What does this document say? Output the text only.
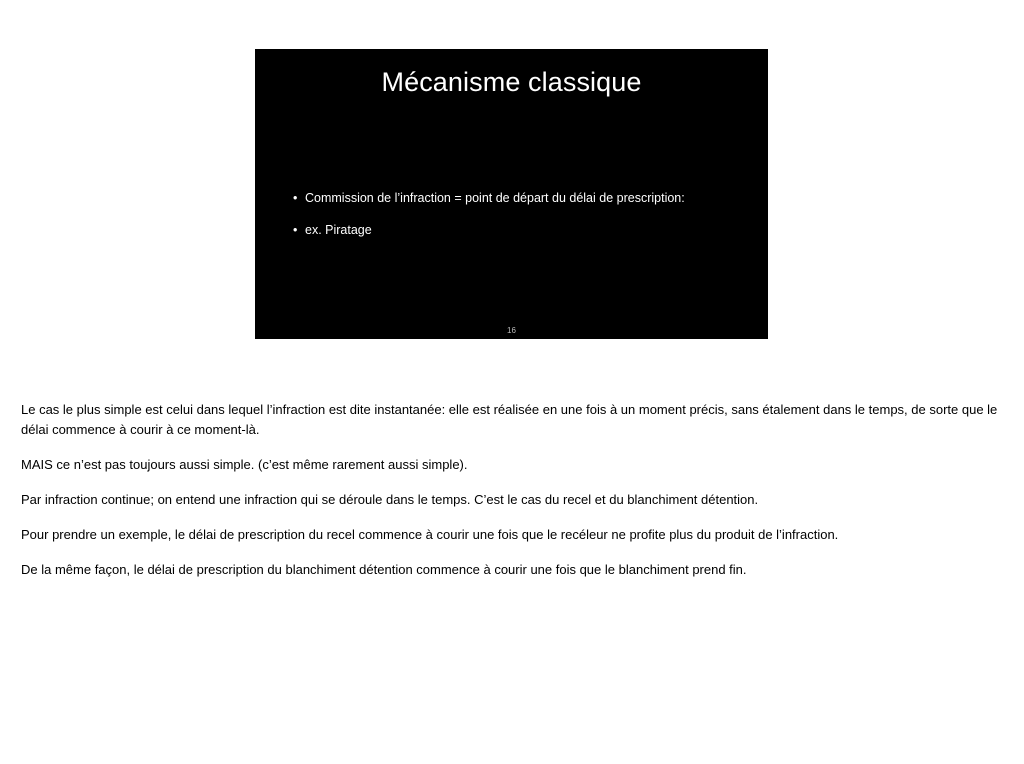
Mécanisme classique
• Commission de l’infraction = point de départ du délai de prescription:
• ex. Piratage
16

Le cas le plus simple est celui dans lequel l’infraction est dite instantanée: elle est réalisée en une fois à un moment précis, sans étalement dans le temps, de sorte que le délai commence à courir à ce moment-là.

MAIS ce n’est pas toujours aussi simple. (c’est même rarement aussi simple).

Par infraction continue; on entend une infraction qui se déroule dans le temps. C’est le cas du recel et du blanchiment détention.

Pour prendre un exemple, le délai de prescription du recel commence à courir une fois que le recéleur ne profite plus du produit de l’infraction.

De la même façon, le délai de prescription du blanchiment détention commence à courir une fois que le blanchiment prend fin.
